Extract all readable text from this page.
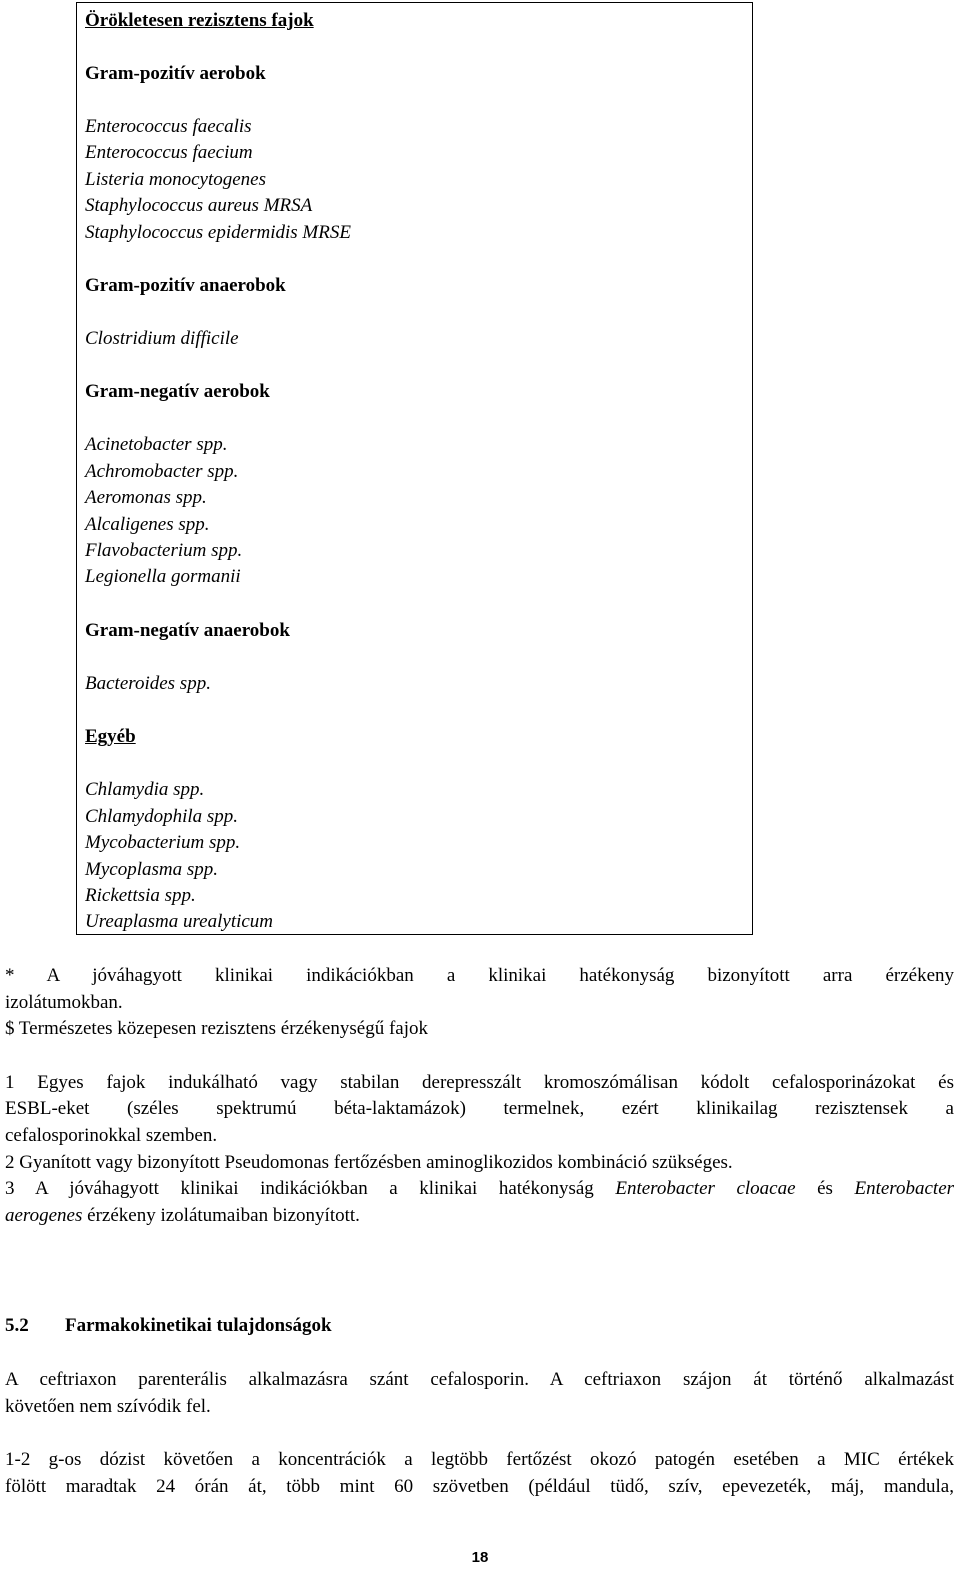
Örökletesen rezisztens fajok
Gram-pozitív aerobok
Enterococcus faecalis
Enterococcus faecium
Listeria monocytogenes
Staphylococcus aureus MRSA
Staphylococcus epidermidis MRSE
Gram-pozitív anaerobok
Clostridium difficile
Gram-negatív aerobok
Acinetobacter spp.
Achromobacter spp.
Aeromonas spp.
Alcaligenes spp.
Flavobacterium spp.
Legionella gormanii
Gram-negatív anaerobok
Bacteroides spp.
Egyéb
Chlamydia spp.
Chlamydophila spp.
Mycobacterium spp.
Mycoplasma spp.
Rickettsia spp.
Ureaplasma urealyticum
* A jóváhagyott klinikai indikációkban a klinikai hatékonyság bizonyított arra érzékeny
izolátumokban.
$ Természetes közepesen rezisztens érzékenységű fajok
1 Egyes fajok indukálható vagy stabilan derepresszált kromoszómálisan kódolt cefalosporinázokat és
ESBL-eket (széles spektrumú béta-laktamázok) termelnek, ezért klinikailag rezisztensek a
cefalosporinokkal szemben.
2 Gyanított vagy bizonyított Pseudomonas fertőzésben aminoglikozidos kombináció szükséges.
3 A jóváhagyott klinikai indikációkban a klinikai hatékonyság Enterobacter cloacae és Enterobacter
aerogenes érzékeny izolátumaiban bizonyított.
5.2 Farmakokinetikai tulajdonságok
A ceftriaxon parenterális alkalmazásra szánt cefalosporin. A ceftriaxon szájon át történő alkalmazást
követően nem szívódik fel.
1-2 g-os dózist követően a koncentrációk a legtöbb fertőzést okozó patogén esetében a MIC értékek
fölött maradtak 24 órán át, több mint 60 szövetben (például tüdő, szív, epevezeték, máj, mandula,
18
